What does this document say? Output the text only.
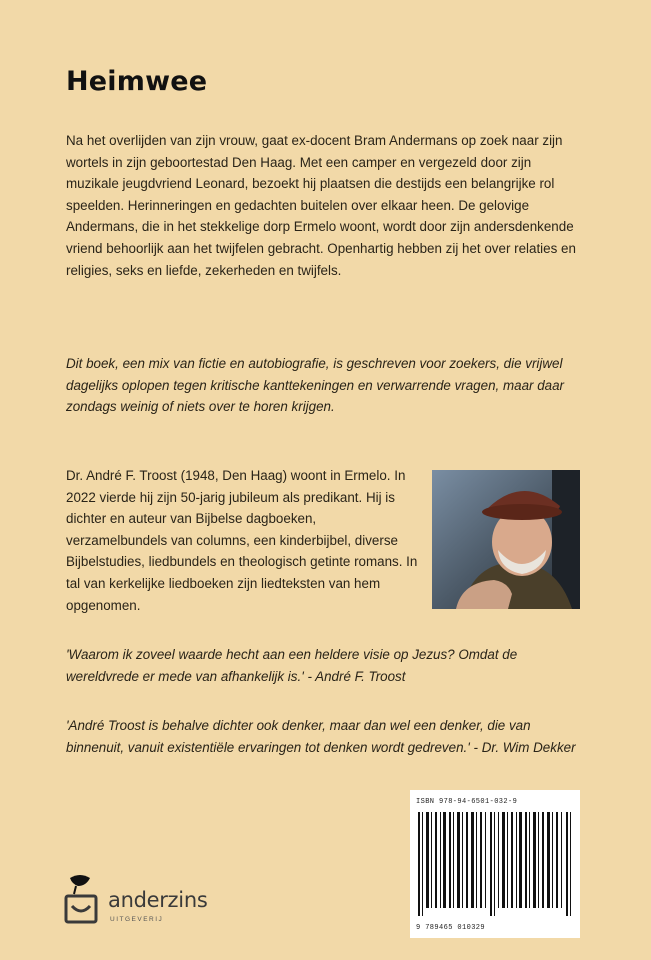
Heimwee

Na het overlijden van zijn vrouw, gaat ex-docent Bram Andermans op zoek naar zijn wortels in zijn geboortestad Den Haag. Met een camper en vergezeld door zijn muzikale jeugdvriend Leonard, bezoekt hij plaatsen die destijds een belangrijke rol speelden. Herinneringen en gedachten buitelen over elkaar heen. De gelovige Andermans, die in het stekkelige dorp Ermelo woont, wordt door zijn andersdenkende vriend behoorlijk aan het twijfelen gebracht. Openhartig hebben zij het over relaties en religies, seks en liefde, zekerheden en twijfels.

Dit boek, een mix van fictie en autobiografie, is geschreven voor zoekers, die vrijwel dagelijks oplopen tegen kritische kanttekeningen en verwarrende vragen, maar daar zondags weinig of niets over te horen krijgen.

Dr. André F. Troost (1948, Den Haag) woont in Ermelo. In 2022 vierde hij zijn 50-jarig jubileum als predikant. Hij is dichter en auteur van Bijbelse dagboeken, verzamelbundels van columns, een kinderbijbel, diverse Bijbelstudies, liedbundels en theologisch getinte romans. In tal van kerkelijke liedboeken zijn liedteksten van hem opgenomen.

'Waarom ik zoveel waarde hecht aan een heldere visie op Jezus? Omdat de wereldvrede er mede van afhankelijk is.' - André F. Troost

'André Troost is behalve dichter ook denker, maar dan wel een denker, die van binnenuit, vanuit existentiële ervaringen tot denken wordt gedreven.' - Dr. Wim Dekker

ISBN 978-94-6501-032-9
9 789465 010329
anderzins
UITGEVERIJ
